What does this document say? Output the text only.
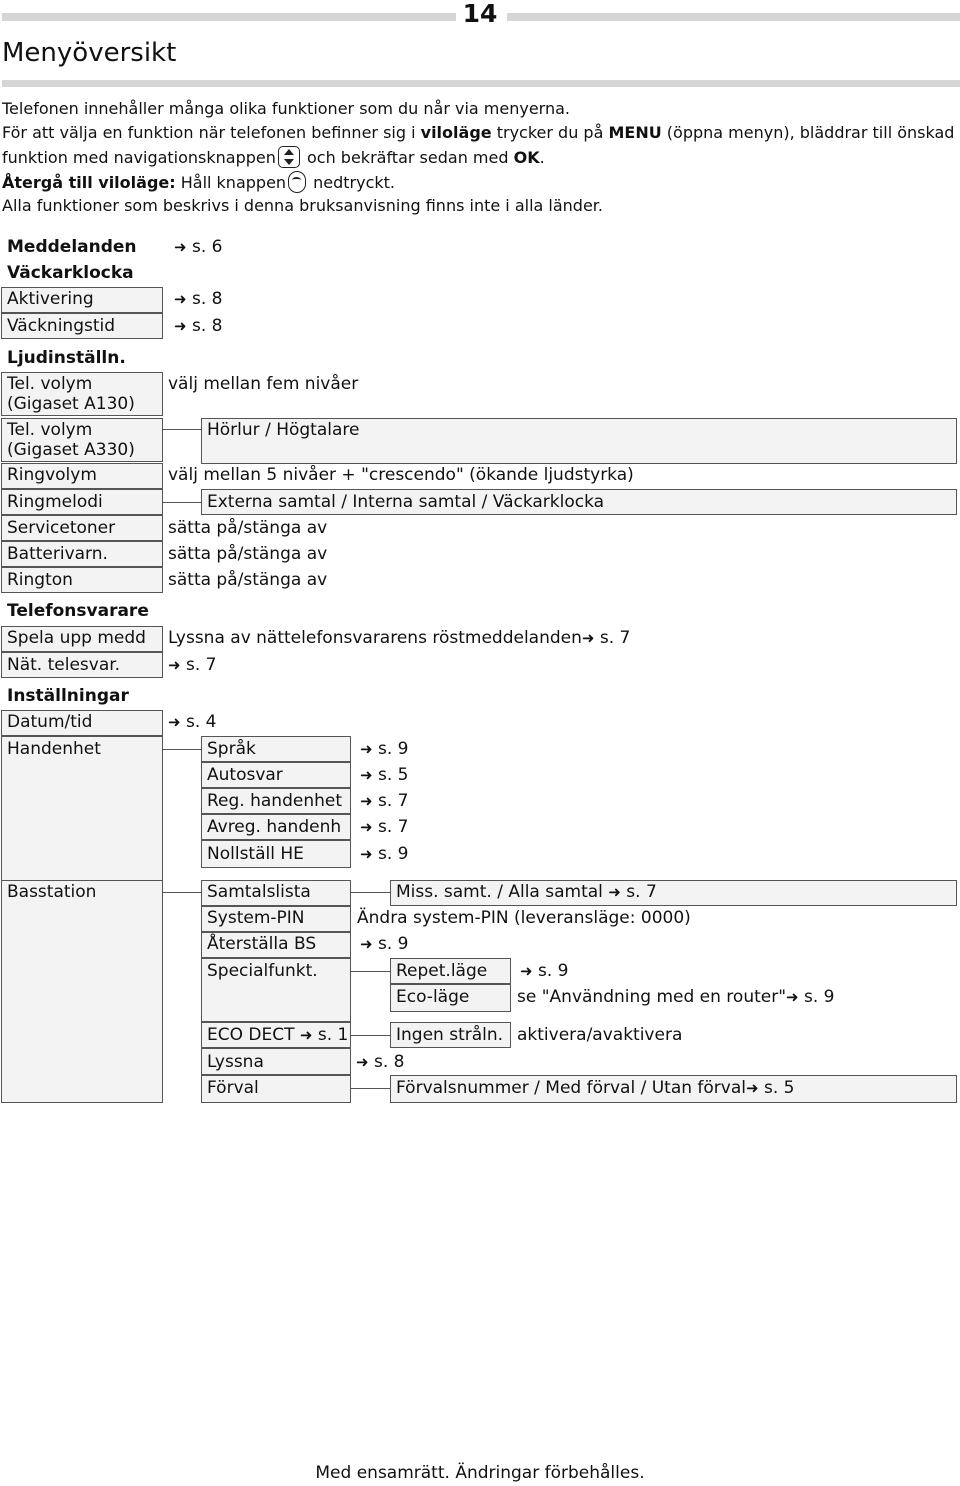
14
Menyöversikt
Telefonen innehåller många olika funktioner som du når via menyerna.
För att välja en funktion när telefonen befinner sig i viloläge trycker du på MENU (öppna menyn), bläddrar till önskad
funktion med navigationsknappen och bekräftar sedan med OK.
Återgå till viloläge: Håll knappen nedtryckt.
Alla funktioner som beskrivs i denna bruksanvisning finns inte i alla länder.
Meddelanden ➜ s. 6
Väckarklocka
Aktivering	➜ s. 8
Väckningstid	➜ s. 8
Ljudinställn.
Tel. volym
(Gigaset A130)
välj mellan fem nivåer
Tel. volym
(Gigaset A330)
Hörlur / Högtalare
Ringvolym	välj mellan 5 nivåer + "crescendo" (ökande ljudstyrka)
Ringmelodi	Externa samtal / Interna samtal / Väckarklocka
Servicetoner	sätta på/stänga av
Batterivarn.	sätta på/stänga av
Rington	sätta på/stänga av
Telefonsvarare
Spela upp medd Lyssna av nättelefonsvararens röstmeddelanden➜ s. 7
Nät. telesvar.	➜ s. 7
Inställningar
Datum/tid	➜ s. 4
Handenhet	Språk	➜ s. 9
Autosvar	➜ s. 5
Reg. handenhet ➜ s. 7
Avreg. handenh ➜ s. 7
Nollställ HE	➜ s. 9
Basstation	Samtalslista	Miss. samt. / Alla samtal ➜ s. 7
System-PIN	Ändra system-PIN (leveransläge: 0000)
Återställa BS	➜ s. 9
Specialfunkt.	Repet.läge ➜ s. 9
Eco-läge	se "Användning med en router"➜ s. 9
ECO DECT ➜ s. 1	Ingen stråln. aktivera/avaktivera
Lyssna	➜ s. 8
Förval	Förvalsnummer / Med förval / Utan förval➜ s. 5
Med ensamrätt. Ändringar förbehålles.
